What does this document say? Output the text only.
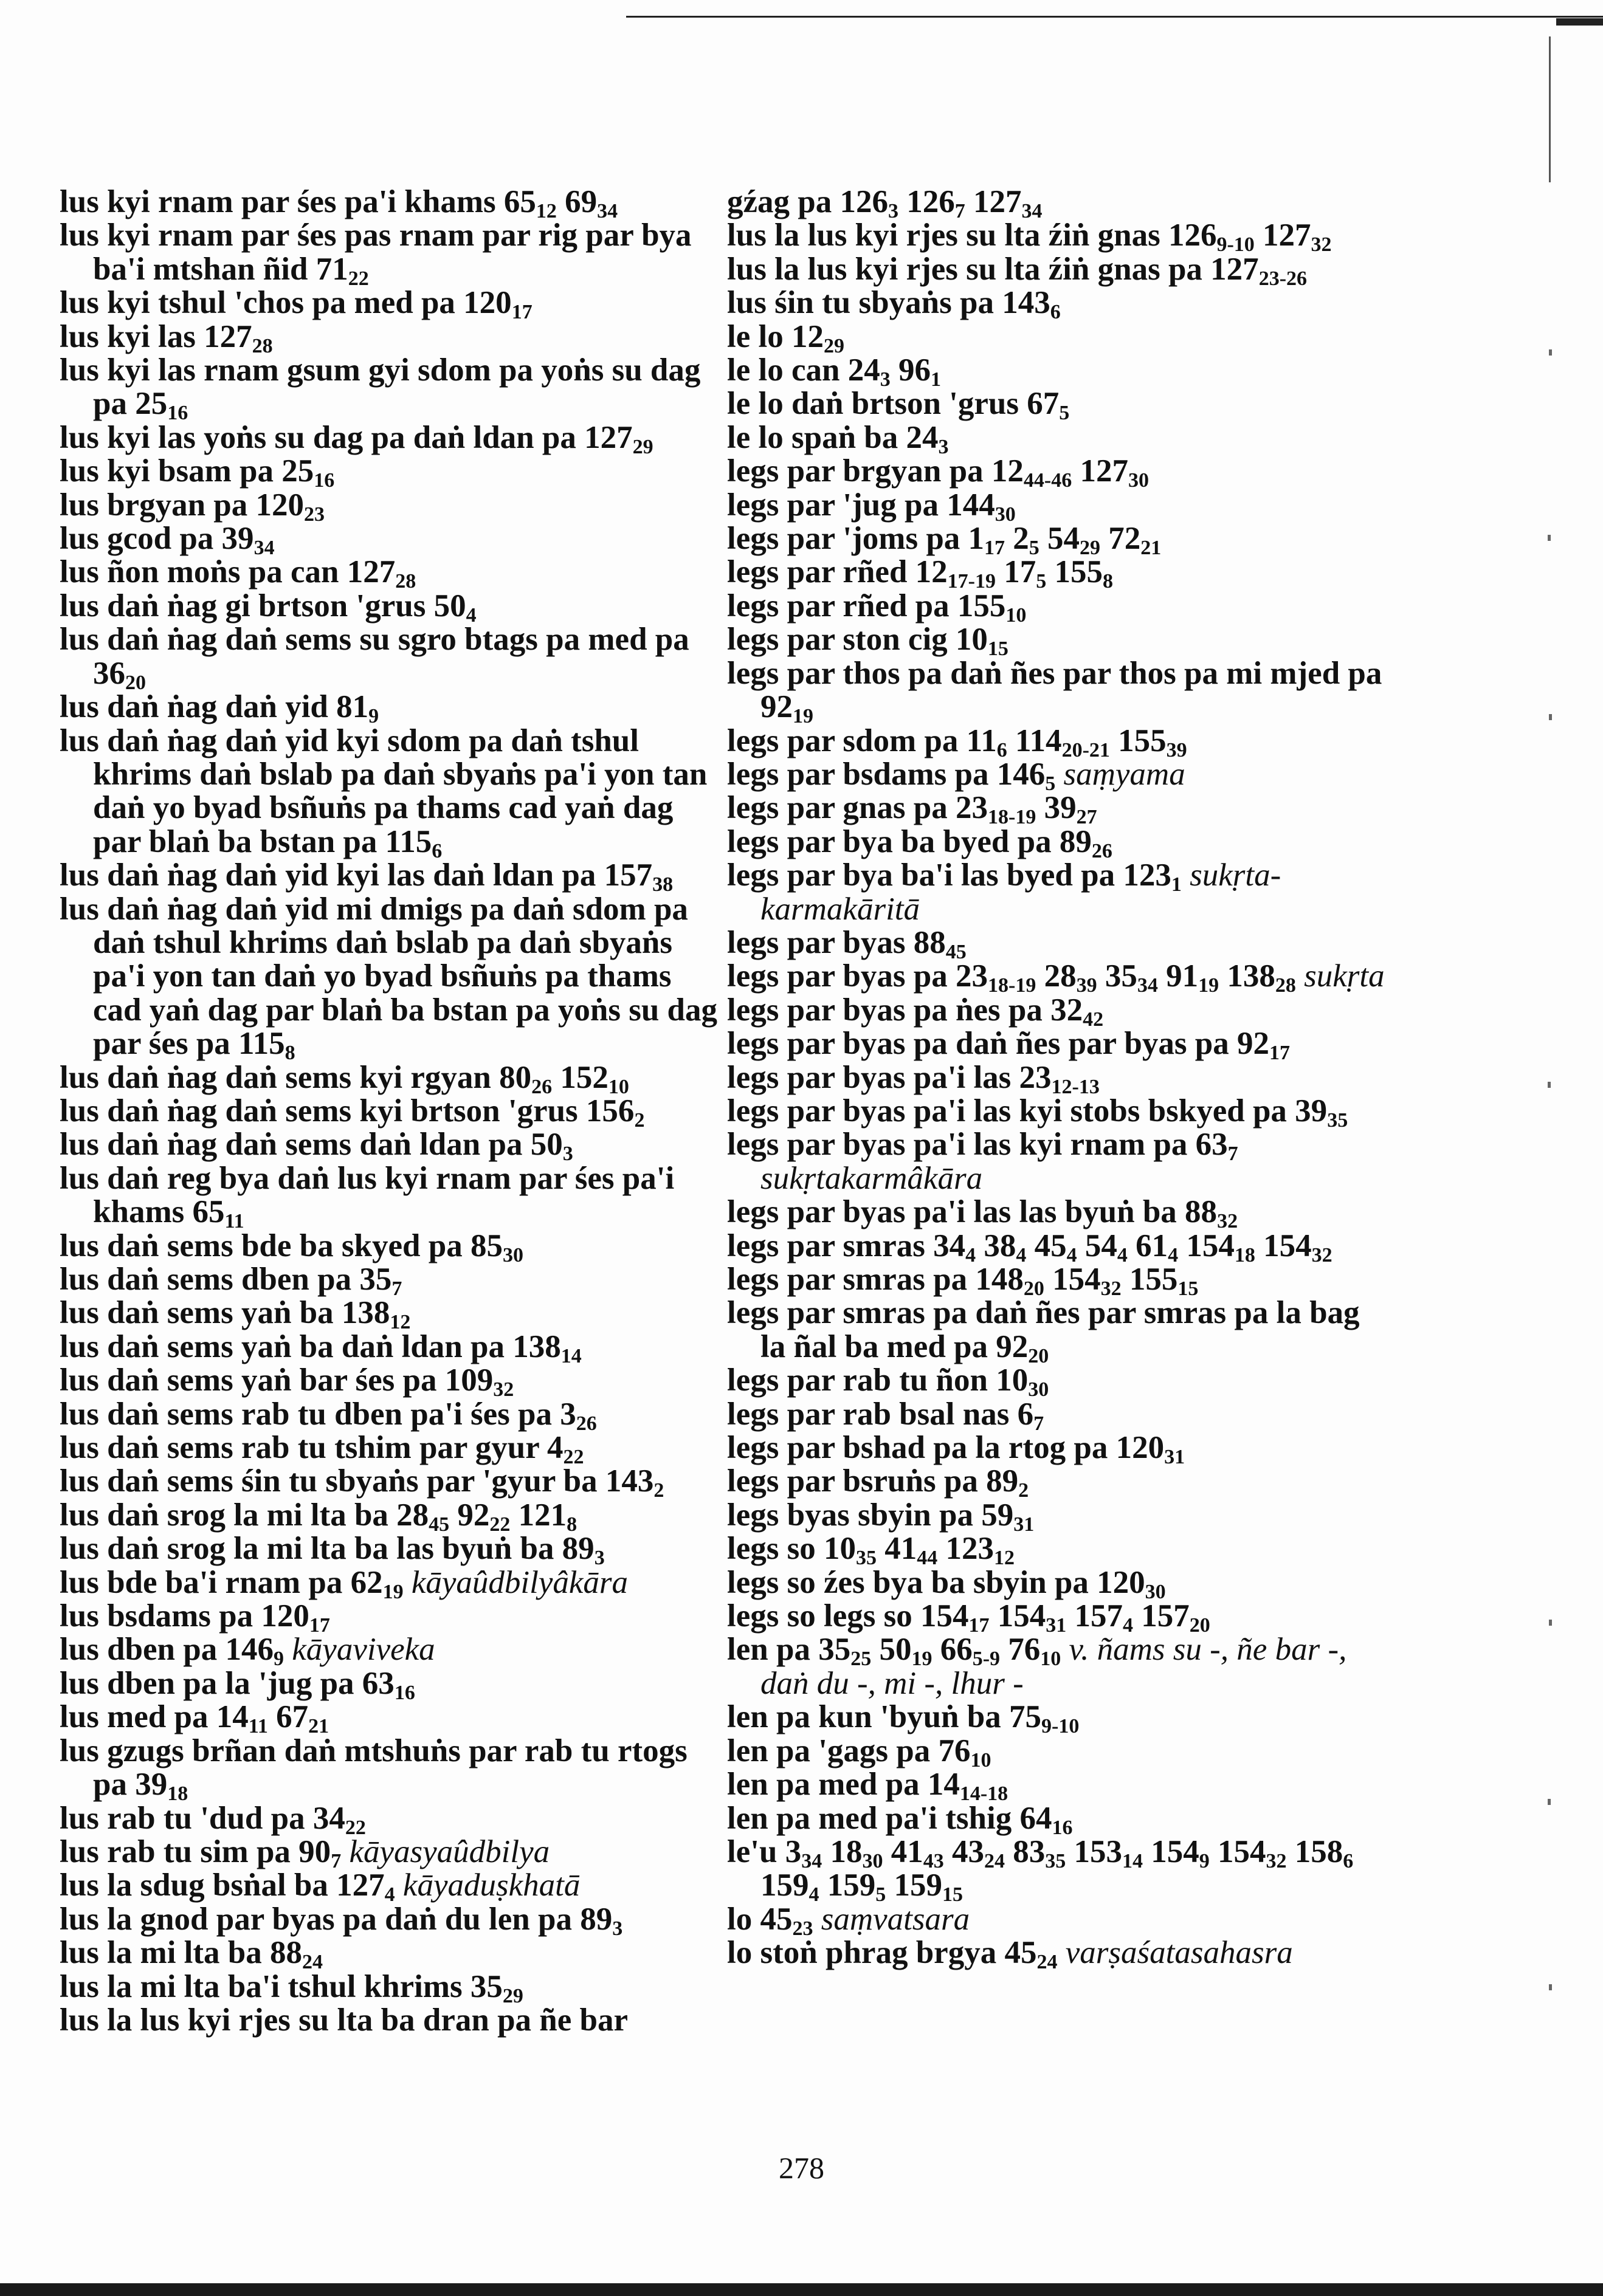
lus kyi rnam par śes pa'i khams $65_{12}$ $69_{34}$
lus kyi rnam par śes pas rnam par rig par bya ba'i mtshan ñid $71_{22}$
lus kyi tshul 'chos pa med pa $120_{17}$
lus kyi las $127_{28}$
lus kyi las rnam gsum gyi sdom pa yoṅs su dag pa $25_{16}$
lus kyi las yoṅs su dag pa daṅ ldan pa $127_{29}$
lus kyi bsam pa $25_{16}$
lus brgyan pa $120_{23}$
lus gcod pa $39_{34}$
lus ñon moṅs pa can $127_{28}$
lus daṅ ṅag gi brtson 'grus $50_4$
lus daṅ ṅag daṅ sems su sgro btags pa med pa $36_{20}$
lus daṅ ṅag daṅ yid $81_9$
lus daṅ ṅag daṅ yid kyi sdom pa daṅ tshul khrims daṅ bslab pa daṅ sbyaṅs pa'i yon tan daṅ yo byad bsñuṅs pa thams cad yaṅ dag par blaṅ ba bstan pa $115_6$
lus daṅ ṅag daṅ yid kyi las daṅ ldan pa $157_{38}$
lus daṅ ṅag daṅ yid mi dmigs pa daṅ sdom pa daṅ tshul khrims daṅ bslab pa daṅ sbyaṅs pa'i yon tan daṅ yo byad bsñuṅs pa thams cad yaṅ dag par blaṅ ba bstan pa yoṅs su dag par śes pa $115_8$
lus daṅ ṅag daṅ sems kyi rgyan $80_{26}$ $152_{10}$
lus daṅ ṅag daṅ sems kyi brtson 'grus $156_2$
lus daṅ ṅag daṅ sems daṅ ldan pa $50_3$
lus daṅ reg bya daṅ lus kyi rnam par śes pa'i khams $65_{11}$
lus daṅ sems bde ba skyed pa $85_{30}$
lus daṅ sems dben pa $35_7$
lus daṅ sems yaṅ ba $138_{12}$
lus daṅ sems yaṅ ba daṅ ldan pa $138_{14}$
lus daṅ sems yaṅ bar śes pa $109_{32}$
lus daṅ sems rab tu dben pa'i śes pa $3_{26}$
lus daṅ sems rab tu tshim par gyur $4_{22}$
lus daṅ sems śin tu sbyaṅs par 'gyur ba $143_2$
lus daṅ srog la mi lta ba $28_{45}$ $92_{22}$ $121_8$
lus daṅ srog la mi lta ba las byuṅ ba $89_3$
lus bde ba'i rnam pa $62_{19}$ kāyaûdbilyâkāra
lus bsdams pa $120_{17}$
lus dben pa $146_9$ kāyaviveka
lus dben pa la 'jug pa $63_{16}$
lus med pa $14_{11}$ $67_{21}$
lus gzugs brñan daṅ mtshuṅs par rab tu rtogs pa $39_{18}$
lus rab tu 'dud pa $34_{22}$
lus rab tu sim pa $90_7$ kāyasyaûdbilya
lus la sdug bsṅal ba $127_4$ kāyaduṣkhatā
lus la gnod par byas pa daṅ du len pa $89_3$
lus la mi lta ba $88_{24}$
lus la mi lta ba'i tshul khrims $35_{29}$
lus la lus kyi rjes su lta ba dran pa ñe bar
gźag pa $126_3$ $126_7$ $127_{34}$
lus la lus kyi rjes su lta źiṅ gnas $126_{9-10}$ $127_{32}$
lus la lus kyi rjes su lta źiṅ gnas pa $127_{23-26}$
lus śin tu sbyaṅs pa $143_6$
le lo $12_{29}$
le lo can $24_3$ $96_1$
le lo daṅ brtson 'grus $67_5$
le lo spaṅ ba $24_3$
legs par brgyan pa $12_{44-46}$ $127_{30}$
legs par 'jug pa $144_{30}$
legs par 'joms pa $1_{17}$ $2_5$ $54_{29}$ $72_{21}$
legs par rñed $12_{17-19}$ $17_5$ $155_8$
legs par rñed pa $155_{10}$
legs par ston cig $10_{15}$
legs par thos pa daṅ ñes par thos pa mi mjed pa $92_{19}$
legs par sdom pa $11_6$ $114_{20-21}$ $155_{39}$
legs par bsdams pa $146_5$ saṃyama
legs par gnas pa $23_{18-19}$ $39_{27}$
legs par bya ba byed pa $89_{26}$
legs par bya ba'i las byed pa $123_1$ sukṛta-karmakāritā
legs par byas $88_{45}$
legs par byas pa $23_{18-19}$ $28_{39}$ $35_{34}$ $91_{19}$ $138_{28}$ sukṛta
legs par byas pa ṅes pa $32_{42}$
legs par byas pa daṅ ñes par byas pa $92_{17}$
legs par byas pa'i las $23_{12-13}$
legs par byas pa'i las kyi stobs bskyed pa $39_{35}$
legs par byas pa'i las kyi rnam pa $63_7$ sukṛtakarmâkāra
legs par byas pa'i las las byuṅ ba $88_{32}$
legs par smras $34_4$ $38_4$ $45_4$ $54_4$ $61_4$ $154_{18}$ $154_{32}$
legs par smras pa $148_{20}$ $154_{32}$ $155_{15}$
legs par smras pa daṅ ñes par smras pa la bag la ñal ba med pa $92_{20}$
legs par rab tu ñon $10_{30}$
legs par rab bsal nas $6_7$
legs par bshad pa la rtog pa $120_{31}$
legs par bsruṅs pa $89_2$
legs byas sbyin pa $59_{31}$
legs so $10_{35}$ $41_{44}$ $123_{12}$
legs so źes bya ba sbyin pa $120_{30}$
legs so legs so $154_{17}$ $154_{31}$ $157_4$ $157_{20}$
len pa $35_{25}$ $50_{19}$ $66_{5-9}$ $76_{10}$ v. ñams su -, ñe bar -, daṅ du -, mi -, lhur -
len pa kun 'byuṅ ba $75_{9-10}$
len pa 'gags pa $76_{10}$
len pa med pa $14_{14-18}$
len pa med pa'i tshig $64_{16}$
le'u $3_{34}$ $18_{30}$ $41_{43}$ $43_{24}$ $83_{35}$ $153_{14}$ $154_9$ $154_{32}$ $158_6$ $159_4$ $159_5$ $159_{15}$
lo $45_{23}$ saṃvatsara
lo stoṅ phrag brgya $45_{24}$ varṣaśatasahasra
278
